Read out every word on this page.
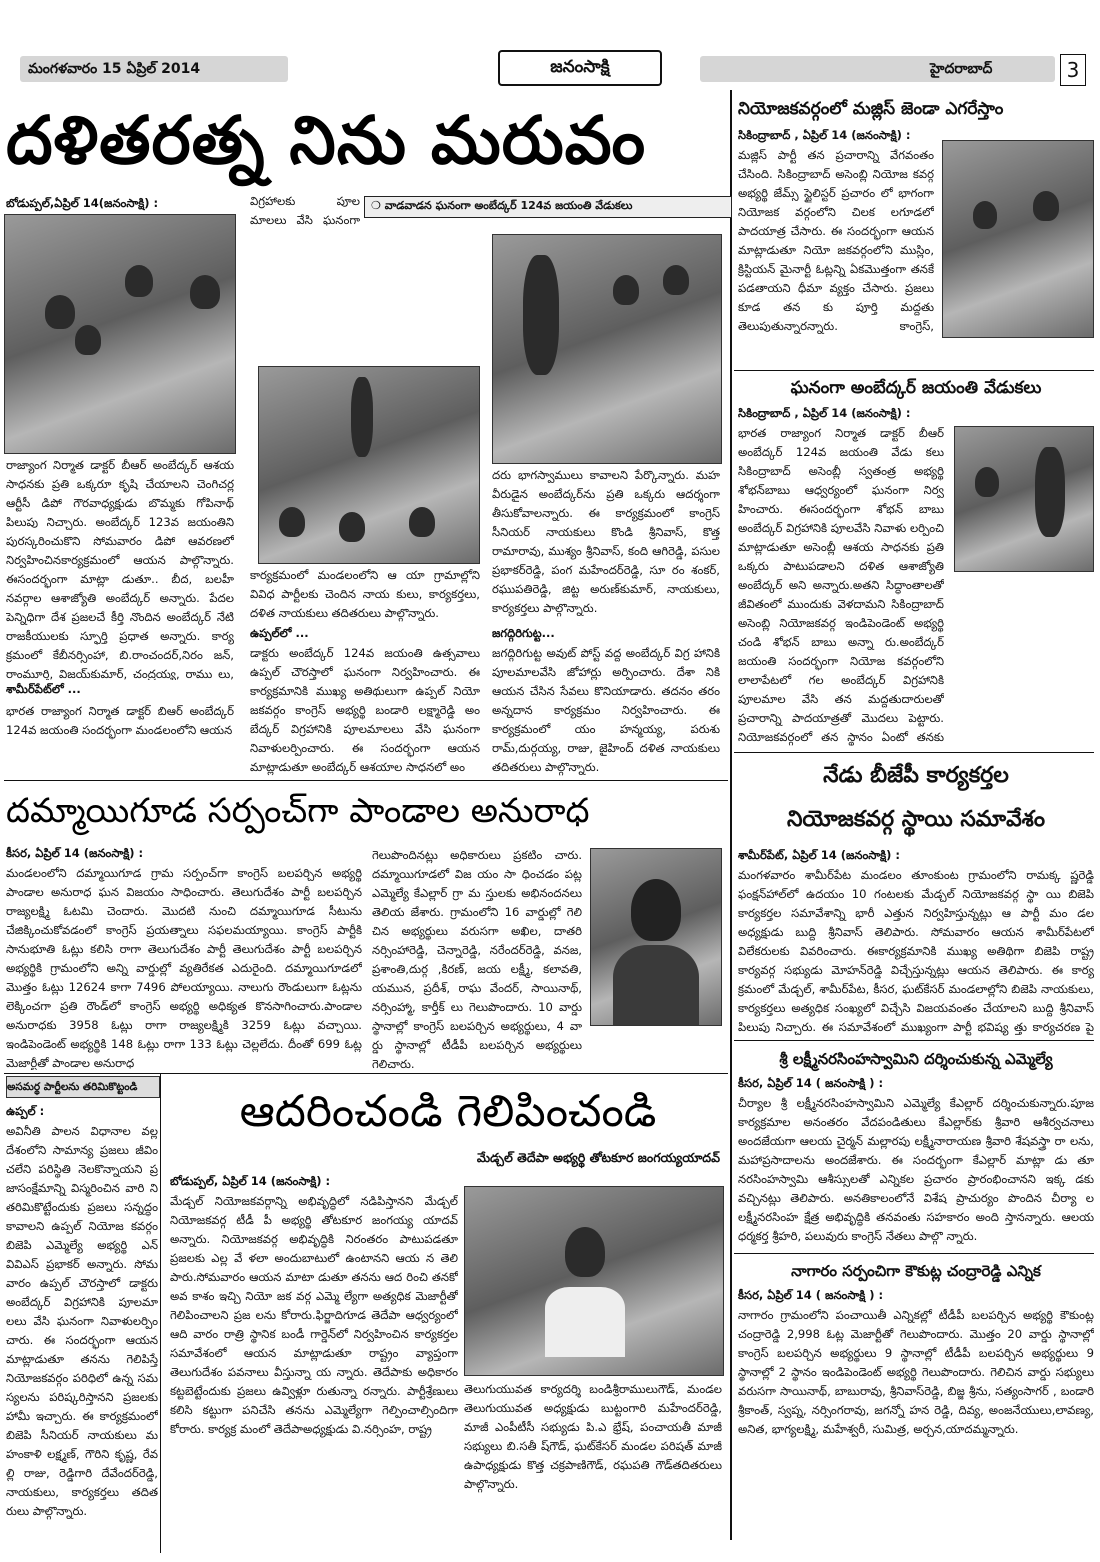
మంగళవారం 15 ఏప్రిల్ 2014	జనంసాక్షి	హైదరాబాద్	3
దళితరత్న నిను మరువం
బోడుప్పల్,ఏప్రిల్ 14(జనంసాక్షి) :	❍ వాడవాడన ఘనంగా అంబేద్కర్ 124వ జయంతి వేడుకలు
రాజ్యాంగ నిర్మాత డాక్టర్ బీఆర్ అంబేద్కర్ ఆశయ సాధనకు ప్రతి ఒక్కరూ కృషి చేయాలని చెంగిచర్ల ఆర్టీసీ డిపో గౌరవాధ్యక్షుడు బొమ్మకు గోపినాథ్ పిలుపు నిచ్చారు. అంబేద్కర్ 123వ జయంతిని పురస్కరించుకొని సోమవారం డిపో ఆవరణలో నిర్వహించినకార్యక్రమంలో ఆయన పాల్గొన్నారు. ఈసందర్భంగా మాట్లా డుతూ.. బీద, బలహీ నవర్గాల ఆశాజ్యోతి అంబేద్కర్ అన్నారు. పేదల పెన్నిధిగా దేశ ప్రజలచే కీర్తి నొందిన అంబేద్కర్ నేటి రాజకీయులకు స్ఫూర్తి ప్రధాత అన్నారు. కార్య క్రమంలో కేబీనర్సింహా, బి.రాంచందర్,నిరం జన్, రాంమూర్తి, విజయ్‌కుమార్, చంద్రయ్య, రాము లు,
శామీర్‌పేట్‌లో ...
భారత రాజ్యాంగ నిర్మాత డాక్టర్ బిఆర్ అంబేద్కర్ 124వ జయంతి సందర్భంగా మండలంలోని ఆయన
విగ్రహాలకు పూల మాలలు వేసి ఘనంగా
కార్యక్రమంలో మండలంలోని ఆ యా గ్రామాల్లోని వివిధ పార్టీలకు చెందిన నాయ కులు, కార్యకర్తలు, దళిత నాయకులు తదితరులు పాల్గొన్నారు.
ఉప్పల్‌లో ...
డాక్టరు అంబేద్కర్ 124వ జయంతి ఉత్సవాలు ఉప్పల్ చౌరస్తాలో ఘనంగా నిర్వహించారు. ఈ కార్యక్రమానికి ముఖ్య అతిథులుగా ఉప్పల్ నియో జకవర్గం కాంగ్రెస్ అభ్యర్థి బండారి లక్ష్మారెడ్డి అం బేద్కర్ విగ్రహానికి పూలమాలలు వేసి ఘనంగా నివాళులర్పించారు. ఈ సందర్భంగా ఆయన మాట్లాడుతూ అంబేద్కర్ ఆశయాల సాధనలో అం
దరు భాగస్వాములు కావాలని పేర్కొన్నారు. మహ వీరుడైన అంబేద్కర్‌ను ప్రతి ఒక్కరు ఆదర్శంగా తీసుకోవాలన్నారు. ఈ కార్యక్రమంలో కాంగ్రెస్ సీనియర్ నాయకులు కొండి శ్రీనివాస్, కొత్త రామారావు, ముశ్యం శ్రీనివాస్, కంది ఆగిరెడ్డి, పసుల ప్రభాకర్‌రెడ్డి, పంగ మహేందర్‌రెడ్డి, సూ రం శంకర్, రఘుపతిరెడ్డి, జిట్ట అరుణ్‌కుమార్, నాయకులు, కార్యకర్తలు పాల్గొన్నారు.
జగద్గిరిగుట్ట...
జగద్గిరిగుట్ట అవుట్ పోస్ట్ వద్ద అంబేద్కర్ విగ్ర హానికి పూలమాలవేసి జోహార్లు అర్పించారు. దేశా నికి ఆయన చేసిన సేవలు కొనియాడారు. తదనం తరం అన్నదాన కార్యక్రమం నిర్వహించారు. ఈ కార్యక్రమంలో యం హన్మయ్య, పరుశు రామ్,దుర్గయ్య, రాజు, జైహింద్ దళిత నాయకులు తదితరులు పాల్గొన్నారు.
దమ్మాయిగూడ సర్పంచ్‌గా పాండాల అనురాధ
కీసర, ఏప్రిల్ 14 (జనంసాక్షి) :
మండలంలోని దమ్మాయిగూడ గ్రామ సర్పంచ్‌గా కాంగ్రెస్ బలపర్చిన అభ్యర్థి పాండాల అనురాధ ఘన విజయం సాధించారు. తెలుగుదేశం పార్టీ బలపర్చిన రాజ్యలక్ష్మి ఓటమి చెందారు. మొదటి నుంచి దమ్మాయిగూడ సీటును చేజిక్కించుకోవడంలో కాంగ్రెస్ ప్రయత్నాలు సఫలమయ్యాయి. కాంగ్రెస్ పార్టీకి సానుభూతి ఓట్లు కలిసి రాగా తెలుగుదేశం పార్టీ తెలుగుదేశం పార్టీ బలపర్చిన అభ్యర్థికి గ్రామంలోని అన్ని వార్డుల్లో వ్యతిరేకత ఎదురైంది. దమ్మాయిగూడలో మొత్తం ఓట్లు 12624 కాగా 7496 పోలయ్యాయి. నాలుగు రౌండులుగా ఓట్లను లెక్కించగా ప్రతి రౌండ్‌లో కాంగ్రెస్ అభ్యర్థి అధిక్యత కొనసాగించారు.పాండాల అనురాధకు 3958 ఓట్లు రాగా రాజ్యలక్ష్మికి 3259 ఓట్లు వచ్చాయి. ఇండిపెండెంట్ అభ్యర్థికి 148 ఓట్లు రాగా 133 ఓట్లు చెల్లలేదు. దీంతో 699 ఓట్ల మెజార్టీతో పాండాల అనురాధ
గెలుపొందినట్లు అధికారులు ప్రకటిం చారు. దమ్మాయిగూడలో విజ యం సా ధించడం పట్ల ఎమ్మెల్యే కేఎల్లార్ గ్రా మ స్తులకు అభినందనలు తెలియ జేశారు. గ్రామంలోని 16 వార్డుల్లో గెలి చిన అభ్యర్థులు వరుసగా అఖిల, దాతరి నర్సింహారెడ్డి, చెన్నారెడ్డి, నరేందర్‌రెడ్డి, వనజ, ప్రశాంతి,దుర్గ ,కిరణ్, జయ లక్ష్మీ, కలావతి, యమున, ప్రదీశ్, రాఘ వేందర్, సాయినాథ్, నర్సింహ్మా, కార్తీక్ లు గెలుపొందారు. 10 వార్డు స్థానాల్లో కాంగ్రెస్ బలపర్చిన అభ్యర్థులు, 4 వా ర్డు స్థానాల్లో టీడీపీ బలపర్చిన అభ్యర్థులు గెలిచారు.
అసమర్థ పార్టీలను తరిమికొట్టండి
ఉప్పల్ :
అవినీతి పాలన విధానాల వల్ల దేశంలోని సామాన్య ప్రజలు జీవిం చలేని పరిస్థితి నెలకొన్నాయని ప్ర జాసంక్షేమాన్ని విస్మరించిన వారి ని తరిమికొట్టేందుకు ప్రజలు సన్నద్ధం కావాలని ఉప్పల్ నియోజ కవర్గం బిజెపి ఎమ్మెల్యే అభ్యర్థి ఎన్ వివిఎస్ ప్రభాకర్ అన్నారు. సోమ వారం ఉప్పల్ చౌరస్తాలో డాక్టరు అంబేద్కర్ విగ్రహానికి పూలమా లలు వేసి ఘనంగా నివాళులర్పిం చారు. ఈ సందర్భంగా ఆయన మాట్లాడుతూ తనను గెలిపిస్తే నియోజకవర్గం పరిధిలో ఉన్న సమ స్యలను పరిష్కరిస్తానని ప్రజలకు హామీ ఇచ్చారు. ఈ కార్యక్రమంలో బిజెపి సీనియర్ నాయకులు మ హంకాళి లక్ష్మణ్, గౌరిని కృష్ణ, రేవ ల్లి రాజు, రెడ్డిగారి దేవేందర్‌రెడ్డి, నాయకులు, కార్యకర్తలు తదిత రులు పాల్గొన్నారు.
ఆదరించండి గెలిపించండి
మేడ్చల్ తెదేపా అభ్యర్థి తోటకూర జంగయ్యయాదవ్
బోడుప్పల్, ఏప్రిల్ 14 (జనంసాక్షి) :
మేడ్చల్ నియోజకవర్గాన్ని అభివృద్ధిలో నడిపిస్తానని మేడ్చల్ నియోజకవర్గ టీడీ పీ అభ్యర్థి తోటకూర జంగయ్య యాదవ్ అన్నారు. నియోజకవర్గ అభివృద్ధికి నిరంతరం పాటుపడతూ ప్రజలకు ఎల్ల వే ళలా అందుబాటులో ఉంటానని ఆయ న తెలి పారు.సోమవారం ఆయన మాటా డుతూ తనను ఆద రించి తనకో అవ కాశం ఇచ్చి నియో జక వర్గ ఎమ్మె ల్యేగా అత్యధిక మెజార్టీతో గెలిపించాలని ప్రజ లను కోరారు.ఫిర్జాదిగూడ తెదేపా ఆధ్వర్యంలో ఆది వారం రాత్రి స్థానిక బండీ గార్డెన్‌లో నిర్వహించిన కార్యకర్తల సమావేశంలో ఆయన మాట్లాడుతూ రాష్ట్రం వ్యాప్తంగా తెలుగుదేశం పవనాలు వీస్తున్నా య న్నారు. తెదేపాకు అధికారం కట్టబెట్టేందుకు ప్రజలు ఉవ్విళ్లూ రుతున్నా రన్నారు. పార్టీశ్రేణులు కలిసి కట్టుగా పనిచేసి తనను ఎమ్మెల్యేగా గెల్పించాల్సిందిగా కోరారు. కార్యక్ర మంలో తెదేపాఅధ్యక్షుడు వి.నర్సింహ, రాష్ట్ర
తెలుగుయువత కార్యదర్శి బండిశ్రీరాములుగౌడ్, మండల తెలుగుయువత అధ్యక్షుడు బుట్టంగారి మహేందర్‌రెడ్డి, మాజీ ఎంపీటీసీ సభ్యుడు పి.ఎ భ్రేష్, పంచాయతీ మాజీ సభ్యులు బి.సతీ ష్‌గౌడ్, ఘట్‌కేసర్ మండల పరిషత్ మాజీ ఉపాధ్యక్షుడు కొత్త చక్రపాణిగౌడ్, రఘపతి గౌడ్‌తదితరులు పాల్గొన్నారు.
నియోజకవర్గంలో మజ్లిస్ జెండా ఎగరేస్తాం
సికింద్రాబాద్ , ఏప్రిల్ 14 (జనంసాక్షి) :
మజ్లిస్ పార్టీ తన ప్రచారాన్ని వేగవంతం చేసింది. సికింద్రాబాద్ అసెంబ్లి నియోజ కవర్గ అభ్యర్థి జేమ్స్ స్టైలిస్టర్ ప్రచారం లో భాగంగా నియోజక వర్గంలోని చిలక లగూడలో పాదయాత్ర చేసారు. ఈ సందర్భంగా ఆయన మాట్లాడుతూ నియో జకవర్గంలోని ముస్లిం, క్రిస్టియన్ మైనార్టీ ఓట్లన్ని ఏకమొత్తంగా తనకే పడతాయని ధీమా వ్యక్తం చేసారు. ప్రజలు కూడ తన కు పూర్తి మద్దతు తెలుపుతున్నారన్నారు. కాంగ్రెస్,
ఘనంగా అంబేద్కర్ జయంతి వేడుకలు
సికింద్రాబాద్ , ఏప్రిల్ 14 (జనంసాక్షి) :
భారత రాజ్యాంగ నిర్మాత డాక్టర్ బీఆర్ అంబేద్కర్ 124వ జయంతి వేడు కలు సికింద్రాబాద్ అసెంబ్లీ స్వతంత్ర అభ్యర్థి శోభన్‌బాబు ఆధ్వర్యంలో ఘనంగా నిర్వ హించారు. ఈసందర్భంగా శోభన్ బాబు అంబేద్కర్ విగ్రహానికి పూలవేసి నివాళు లర్పించి మాట్లాడుతూ అసెంబ్లీ ఆశయ సాధనకు ప్రతి ఒక్కరు పాటుపడాలని దళిత ఆశాజ్యోతి అంబేద్కర్ అని అన్నారు.అతని సిద్ధాంతాలతో జీవితంలో ముందుకు వెళదామని సికింద్రాబాద్ అసెంబ్లి నియోజకవర్గ ఇండిపెండెంట్ అభ్యర్థి చండి శోభన్ బాబు అన్నా రు.అంబేద్కర్ జయంతి సందర్భంగా నియోజ కవర్గంలోని లాలాపేటలో గల అంబేద్కర్ విగ్రహానికి పూలమాల వేసి తన మద్దతుదారులతో ప్రచారాన్ని పాదయాత్రతో మొదలు పెట్టారు. నియోజకవర్గంలో తన స్థానం ఏంటో తనకు
నేడు బీజేపీ కార్యకర్తల
నియోజకవర్గ స్థాయి సమావేశం
శామీర్‌పేట్, ఏప్రిల్ 14 (జనంసాక్షి) :
మంగళవారం శామీర్‌పేట మండలం తూంకుంట గ్రామంలోని రామక్క ష్ణరెడ్డి ఫంక్షన్‌హాల్‌లో ఉదయం 10 గంటలకు మేడ్చల్ నియోజకవర్గ స్థా యి బిజెపి కార్యకర్తల సమావేశాన్ని భారీ ఎత్తున నిర్వహిస్తున్నట్లు ఆ పార్టీ మం డల అధ్యక్షుడు బుద్ది శ్రీనివాస్ తెలిపారు. సోమవారం ఆయన శామీర్‌పేటలో విలేకరులకు వివరించారు. ఈకార్యక్రమానికి ముఖ్య అతిథిగా బిజెపి రాష్ట్ర కార్యవర్గ సభ్యుడు మోహన్‌రెడ్డి విచ్చేస్తున్నట్లు ఆయన తెలిపారు. ఈ కార్య క్రమంలో మేడ్చల్, శామీర్‌పేట, కీసర, ఘట్‌కేసర్ మండలాల్లోని బిజెపి నాయకులు, కార్యకర్తలు అత్యధిక సంఖ్యలో విచ్చేసి విజయవంతం చేయాలని బుద్ది శ్రీనివాస్ పిలుపు నిచ్చారు. ఈ సమావేశంలో ముఖ్యంగా పార్టీ భవిష్య త్తు కార్యచరణ పై
శ్రీ లక్ష్మీనరసింహస్వామిని దర్శించుకున్న ఎమ్మెల్యే
కీసర, ఏప్రిల్ 14 ( జనంసాక్షి ) :
చీర్యాల శ్రీ లక్ష్మీనరసింహస్వామిని ఎమ్మెల్యే కేఎల్లార్ దర్శించుకున్నారు.పూజ కార్యక్రమాల అనంతరం వేదపండితులు కేఎల్లార్‌కు శ్రీవారి ఆశీర్వచనాలు అందజేయగా ఆలయ చైర్మన్ మల్లారపు లక్ష్మీనారాయణ శ్రీవారి శేషవస్త్రా రా లను, మహాప్రసాదాలను అందజేశారు. ఈ సందర్భంగా కేఎల్లార్ మాట్లా డు తూ నరసింహస్వామి ఆశీస్సులతో ఎన్నికల ప్రచారం ప్రారంభించానని ఇక్క డకు వచ్చినట్లు తెలిపారు. అనతికాలంలోనే విశేష ప్రాచుర్యం పొందిన చీర్యా ల లక్ష్మీనరసింహ క్షేత్ర అభివృద్ధికి తనవంతు సహకారం అంది స్తానన్నారు. ఆలయ ధర్మకర్త శ్రీహరి, పలువురు కాంగ్రెస్ నేతలు పాల్గొ న్నారు.
నాగారం సర్పంచిగా కౌకుట్ల చంద్రారెడ్డి ఎన్నిక
కీసర, ఏప్రిల్ 14 ( జనంసాక్షి ) :
నాగారం గ్రామంలోని పంచాయితీ ఎన్నికల్లో టీడీపీ బలపర్చిన అభ్యర్థి కౌకుంట్ల చంద్రారెడ్డి 2,998 ఓట్ల మెజార్టీతో గెలుపొందారు. మొత్తం 20 వార్డు స్థానాల్లో కాంగ్రెస్ బలపర్చిన అభ్యర్థులు 9 స్థానాల్లో టీడీపీ బలపర్చిన అభ్యర్థులు 9 స్థానాల్లో 2 స్థానం ఇండిపెండెంట్ అభ్యర్థి గెలుపొందారు. గెలిచిన వార్డు సభ్యులు వరుసగా సాయినాథ్, బాబురావు, శ్రీనివాస్‌రెడ్డి, బిజ్జ శ్రీను, సత్యంసాగర్ , బండారి శ్రీకాంత్, స్వప్న, నర్సింగరావు, జగన్నో హన రెడ్డి, దివ్య, అంజనేయులు,లావణ్య, అనిత, భాగ్యలక్ష్మి, మహేశ్వరీ, సుమిత్ర, అర్చన,యాదమ్మన్నారు.
